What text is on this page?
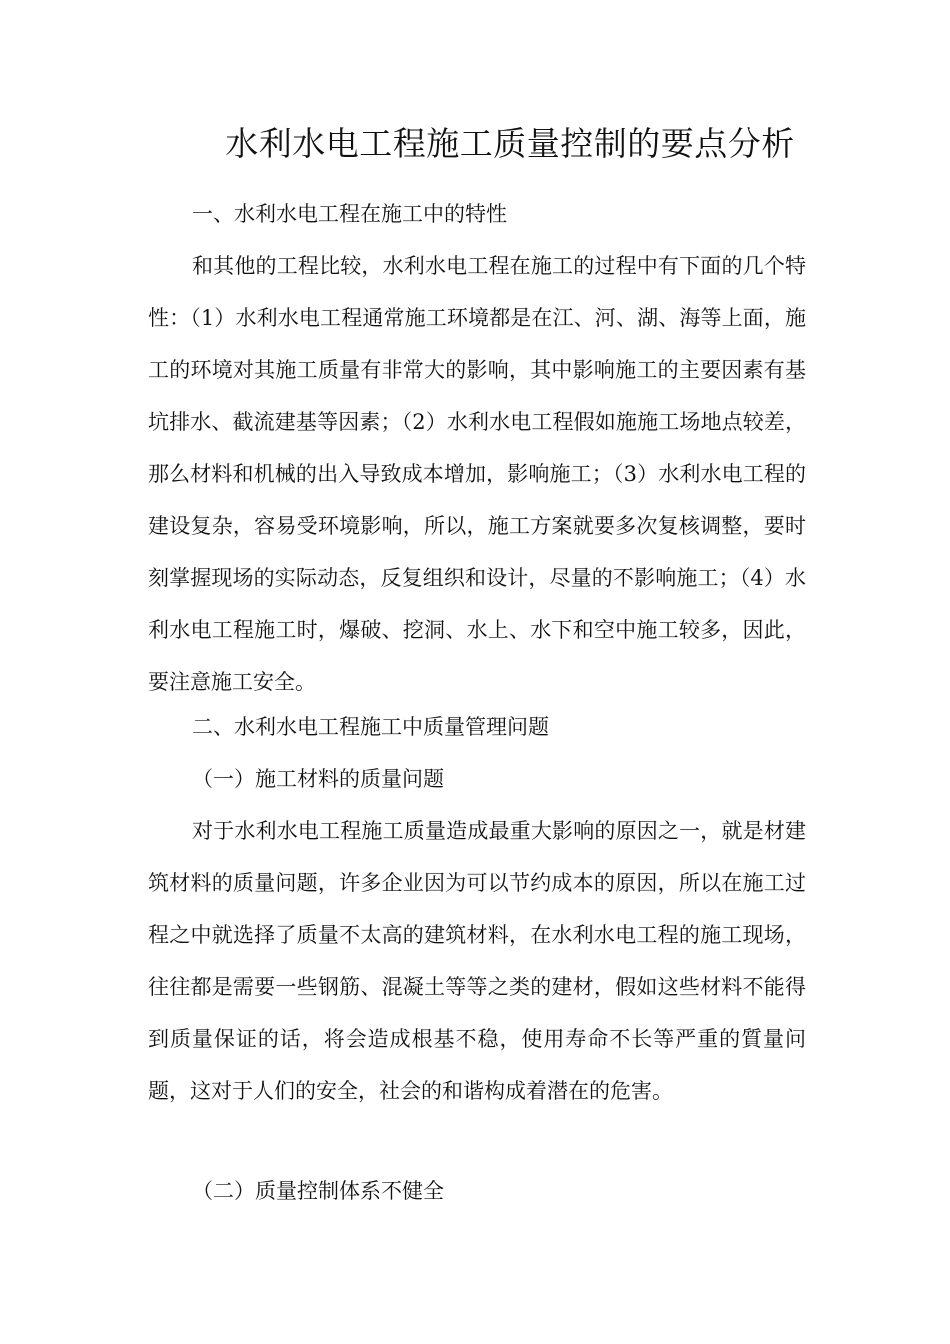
水利水电工程施工质量控制的要点分析

一、水利水电工程在施工中的特性

和其他的工程比较，水利水电工程在施工的过程中有下面的几个特性：（1）水利水电工程通常施工环境都是在江、河、湖、海等上面，施工的环境对其施工质量有非常大的影响，其中影响施工的主要因素有基坑排水、截流建基等因素；（2）水利水电工程假如施施工场地点较差，那么材料和机械的出入导致成本增加，影响施工；（3）水利水电工程的建设复杂，容易受环境影响，所以，施工方案就要多次复核调整，要时刻掌握现场的实际动态，反复组织和设计，尽量的不影响施工；（4）水利水电工程施工时，爆破、挖洞、水上、水下和空中施工较多，因此，要注意施工安全。

二、水利水电工程施工中质量管理问题

（一）施工材料的质量问题

对于水利水电工程施工质量造成最重大影响的原因之一，就是材建筑材料的质量问题，许多企业因为可以节约成本的原因，所以在施工过程之中就选择了质量不太高的建筑材料，在水利水电工程的施工现场，往往都是需要一些钢筋、混凝土等等之类的建材，假如这些材料不能得到质量保证的话，将会造成根基不稳，使用寿命不长等严重的質量问题，这对于人们的安全，社会的和谐构成着潜在的危害。

（二）质量控制体系不健全
